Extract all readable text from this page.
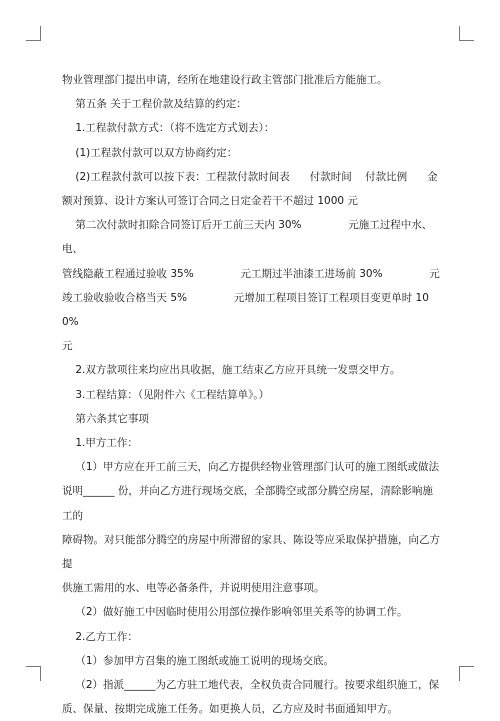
物业管理部门提出申请，经所在地建设行政主管部门批准后方能施工。

第五条 关于工程价款及结算的约定：

1.工程款付款方式：（将不选定方式划去）：

(1)工程款付款可以双方协商约定：

(2)工程款付款可以按下表：工程款付款时间表      付款时间    付款比例      金

额对预算、设计方案认可签订合同之日定金若干不超过 1000 元

第二次付款时扣除合同签订后开工前三天内 30%              元施工过程中水、电、

管线隐蔽工程通过验收 35%              元工期过半油漆工进场前 30%              元

竣工验收验收合格当天 5%              元增加工程项目签订工程项目变更单时 100%

元

2.双方款项往来均应出具收据，施工结束乙方应开具统一发票交甲方。

3.工程结算：（见附件六《工程结算单》。）

第六条其它事项

1.甲方工作：

（1）甲方应在开工前三天，向乙方提供经物业管理部门认可的施工图纸或做法

说明______ 份，并向乙方进行现场交底，全部腾空或部分腾空房屋，清除影响施工的

障碍物。对只能部分腾空的房屋中所滞留的家具、陈设等应采取保护措施，向乙方提

供施工需用的水、电等必备条件，并说明使用注意事项。

（2）做好施工中因临时使用公用部位操作影响邻里关系等的协调工作。

2.乙方工作：

（1）参加甲方召集的施工图纸或施工说明的现场交底。

（2）指派______为乙方驻工地代表，全权负责合同履行。按要求组织施工，保

质、保量、按期完成施工任务。如更换人员，乙方应及时书面通知甲方。
